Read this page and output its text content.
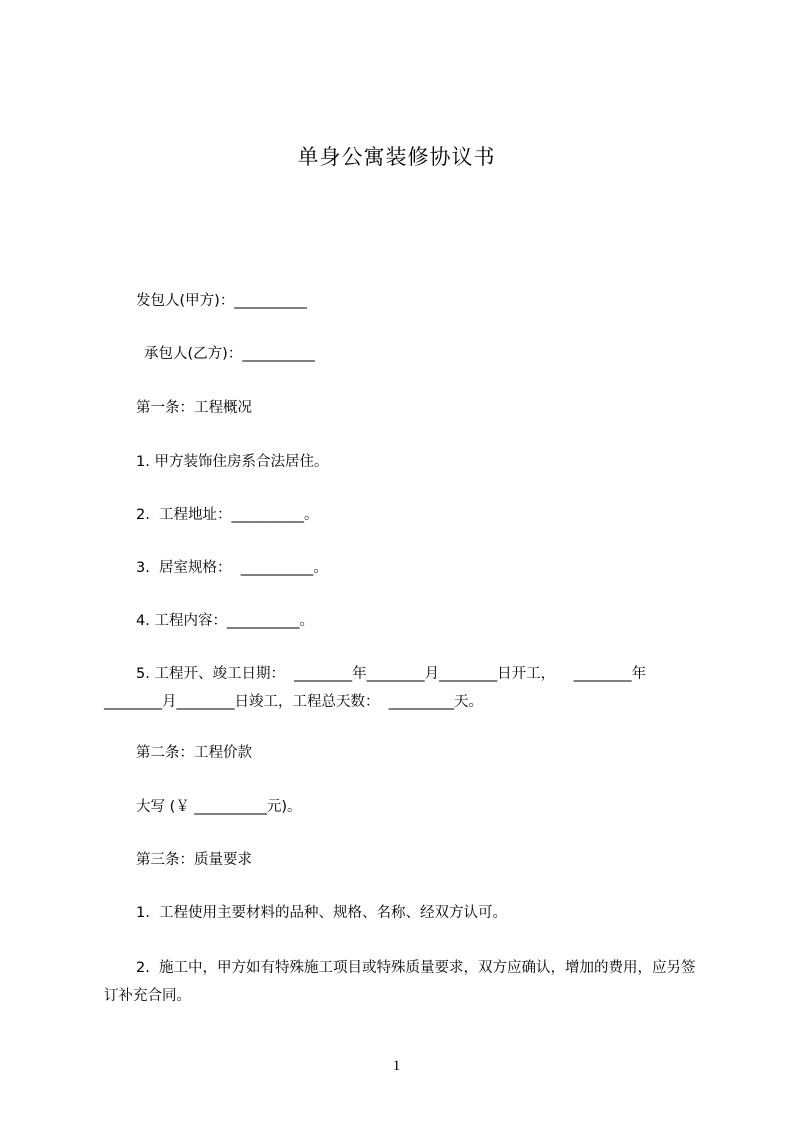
单身公寓装修协议书
发包人(甲方)：__________
承包人(乙方)：__________
第一条：工程概况
1. 甲方装饰住房系合法居住。
2.  工程地址：__________。
3.  居室规格：  __________。
4. 工程内容：__________。
5. 工程开、竣工日期：  ________年________月________日开工，    ________年________月________日竣工，工程总天数：  _________天。
第二条：工程价款
大写 (￥ __________元)。
第三条：质量要求
1.  工程使用主要材料的品种、规格、名称、经双方认可。
2.  施工中，甲方如有特殊施工项目或特殊质量要求，双方应确认，增加的费用，应另签订补充合同。
1
